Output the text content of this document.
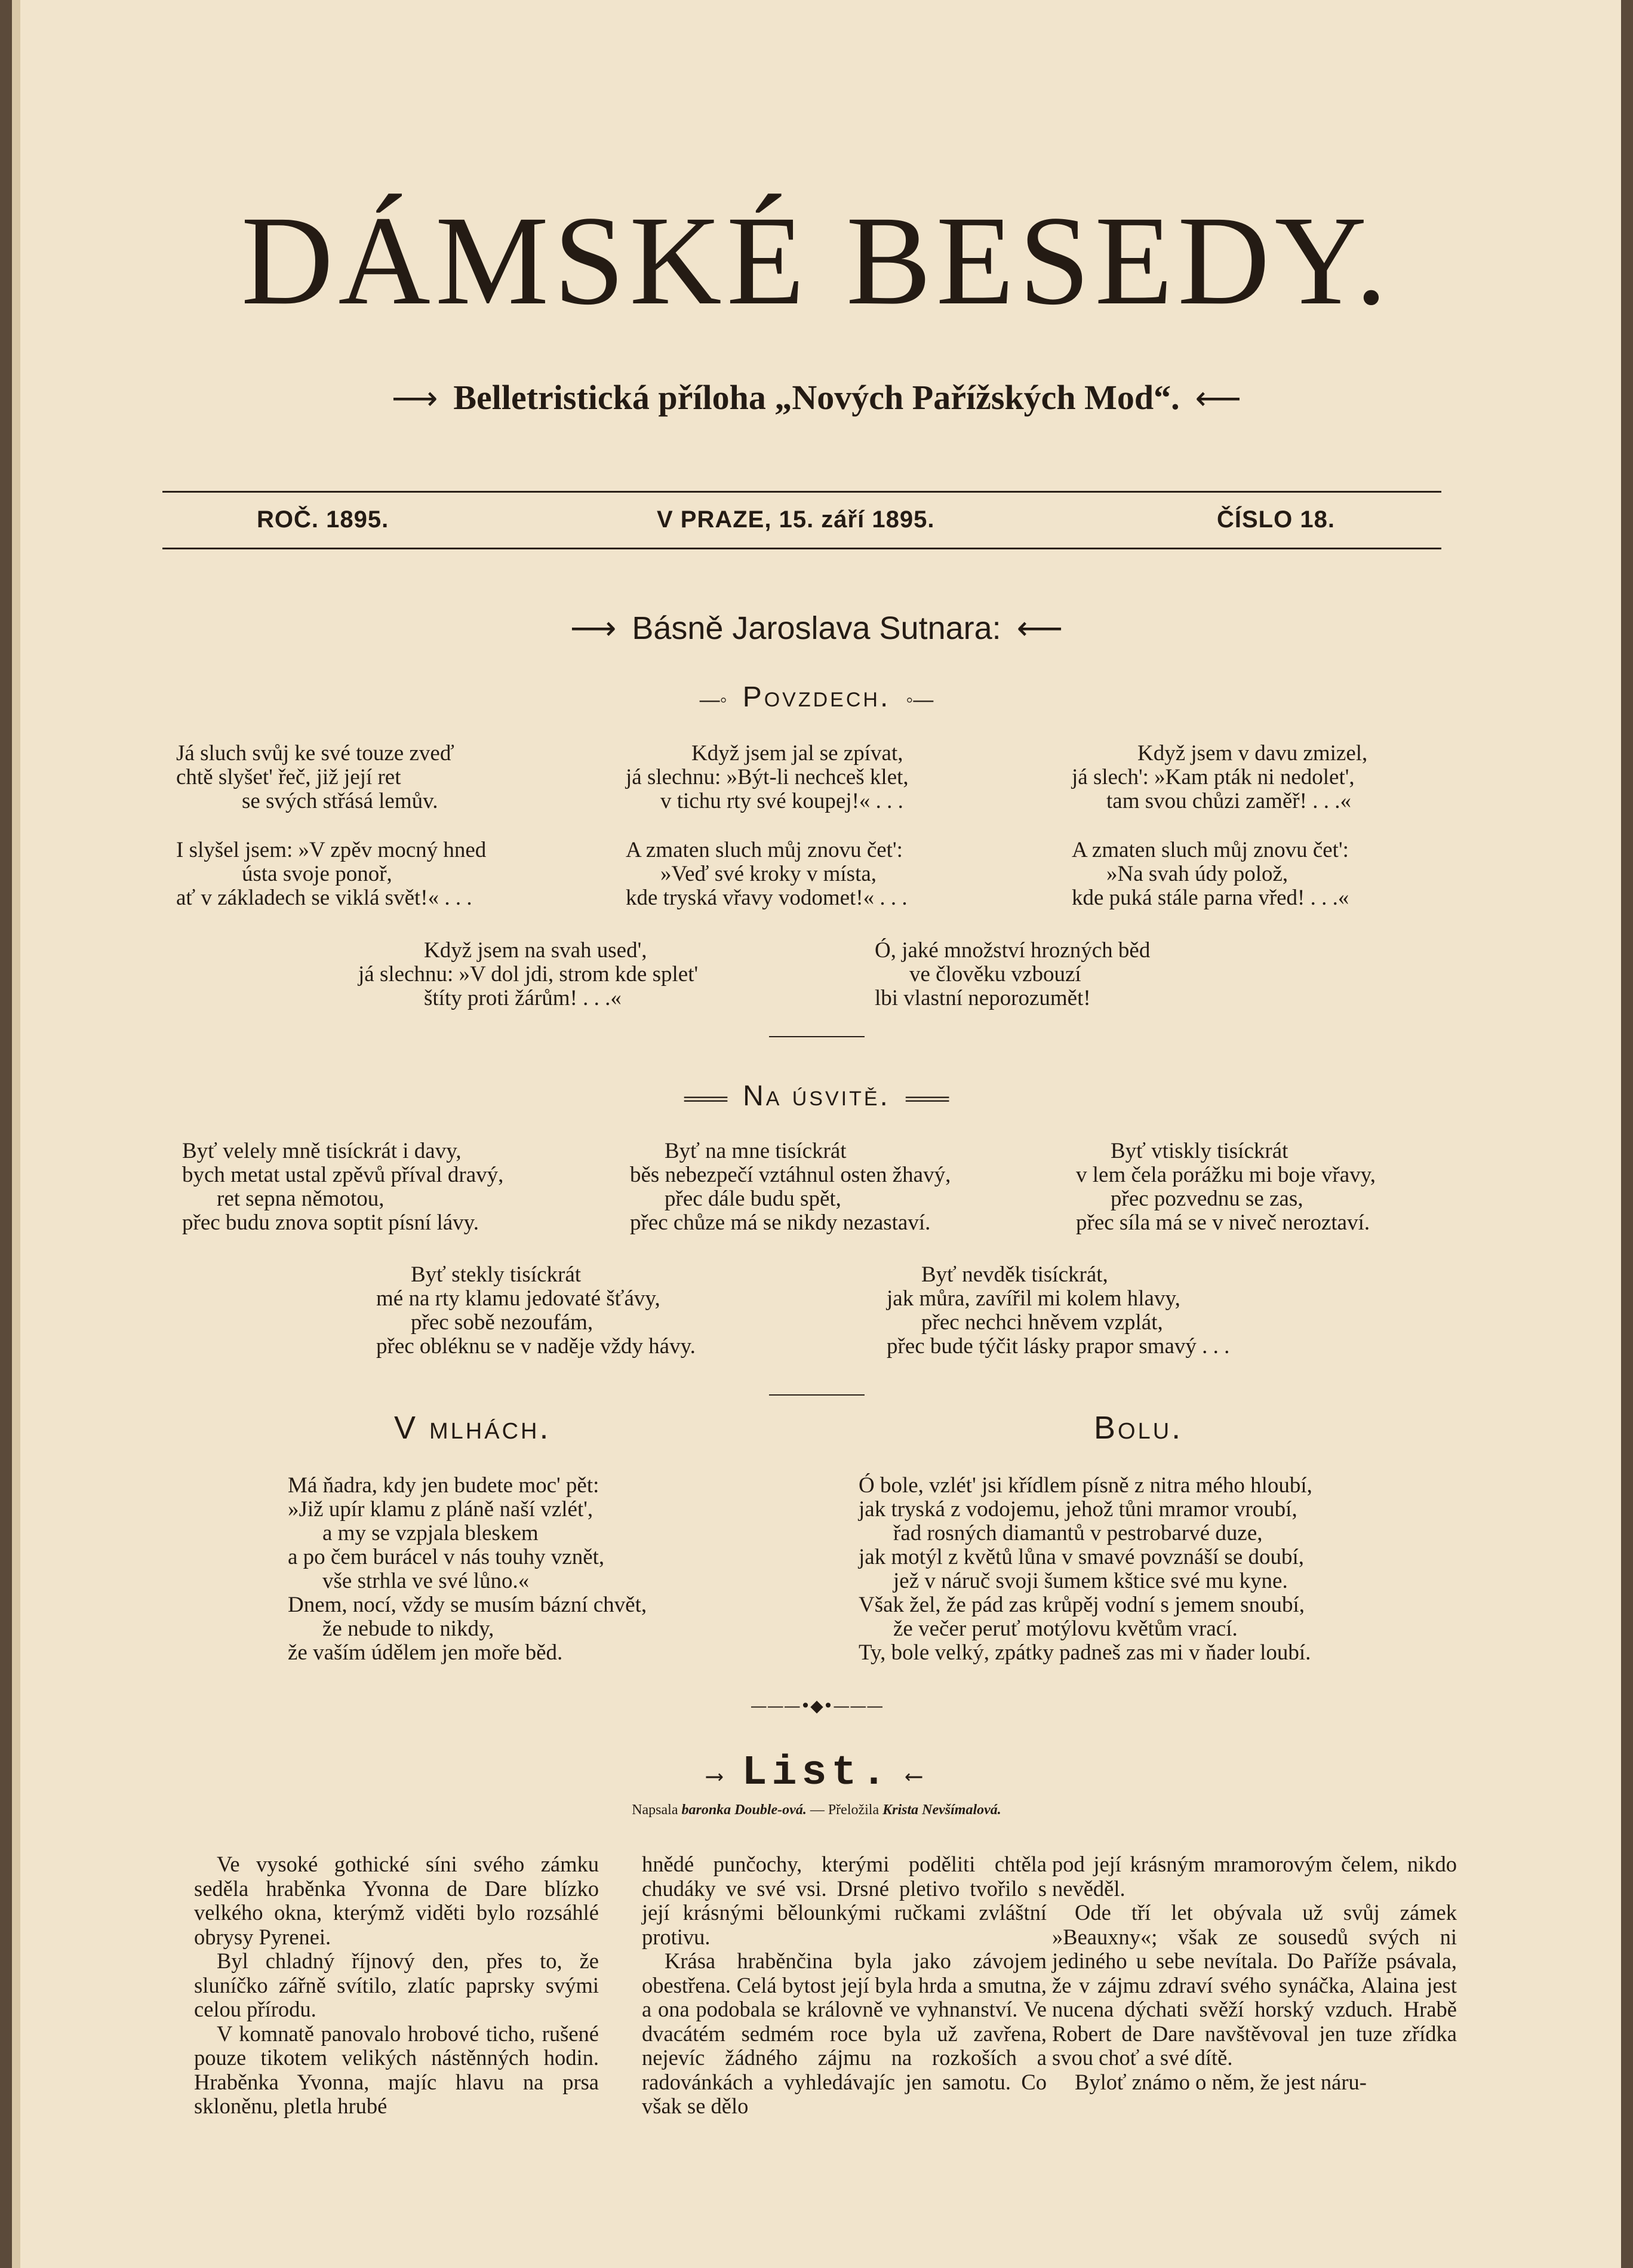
DÁMSKÉ BESEDY.
⟶ Belletristická příloha „Nových Pařížských Mod“. ⟵
ROČ. 1895.	V PRAZE, 15. září 1895.	ČÍSLO 18.
⟶ Básně Jaroslava Sutnara: ⟵
—◦ Povzdech. ◦—
Já sluch svůj ke své touze zveď
chtě slyšet' řeč, již její ret
se svých střásá lemův.
Když jsem jal se zpívat,
já slechnu: »Být-li nechceš klet,
v tichu rty své koupej!« . . .
Když jsem v davu zmizel,
já slech': »Kam pták ni nedolet',
tam svou chůzi zaměř! . . .«
I slyšel jsem: »V zpěv mocný hned
ústa svoje ponoř,
ať v základech se viklá svět!« . . .
A zmaten sluch můj znovu čet':
»Veď své kroky v místa,
kde tryská vřavy vodomet!« . . .
A zmaten sluch můj znovu čet':
»Na svah údy polož,
kde puká stále parna vřed! . . .«
Když jsem na svah used',
já slechnu: »V dol jdi, strom kde splet'
štíty proti žárům! . . .«
Ó, jaké množství hrozných běd
ve člověku vzbouzí
lbi vlastní neporozumět!
═══ Na úsvitě. ═══
Byť velely mně tisíckrát i davy,
bych metat ustal zpěvů příval dravý,
ret sepna němotou,
přec budu znova soptit písní lávy.
Byť na mne tisíckrát
běs nebezpečí vztáhnul osten žhavý,
přec dále budu spět,
přec chůze má se nikdy nezastaví.
Byť vtiskly tisíckrát
v lem čela porážku mi boje vřavy,
přec pozvednu se zas,
přec síla má se v niveč neroztaví.
Byť stekly tisíckrát
mé na rty klamu jedovaté šťávy,
přec sobě nezoufám,
přec obléknu se v naděje vždy hávy.
Byť nevděk tisíckrát,
jak můra, zavířil mi kolem hlavy,
přec nechci hněvem vzplát,
přec bude týčit lásky prapor smavý . . .
V mlhách.	Bolu.
Má ňadra, kdy jen budete moc' pět:
»Již upír klamu z pláně naší vzlét',
a my se vzpjala bleskem
a po čem burácel v nás touhy vznět,
vše strhla ve své lůno.«
Dnem, nocí, vždy se musím bázní chvět,
že nebude to nikdy,
že vaším údělem jen moře běd.
Ó bole, vzlét' jsi křídlem písně z nitra mého hloubí,
jak tryská z vodojemu, jehož tůni mramor vroubí,
řad rosných diamantů v pestrobarvé duze,
jak motýl z květů lůna v smavé povznáší se doubí,
jež v náruč svoji šumem kštice své mu kyne.
Však žel, že pád zas krůpěj vodní s jemem snoubí,
že večer peruť motýlovu květům vrací.
Ty, bole velký, zpátky padneš zas mi v ňader loubí.
———•◆•———
⟶ List. ⟵
Napsala baronka Double-ová. — Přeložila Krista Nevšímalová.

Ve vysoké gothické síni svého zámku seděla hraběnka Yvonna de Dare blízko velkého okna, kterýmž viděti bylo rozsáhlé obrysy Pyrenei.

Byl chladný říjnový den, přes to, že sluníčko zářně svítilo, zlatíc paprsky svými celou přírodu.

V komnatě panovalo hrobové ticho, rušené pouze tikotem velikých nástěnných hodin. Hraběnka Yvonna, majíc hlavu na prsa skloněnu, pletla hrubé

hnědé punčochy, kterými poděliti chtěla chudáky ve své vsi. Drsné pletivo tvořilo s její krásnými bělounkými ručkami zvláštní protivu.

Krása hraběnčina byla jako závojem obestřena. Celá bytost její byla hrda a smutna, a ona podobala se královně ve vyhnanství. Ve dvacátém sedmém roce byla už zavřena, nejevíc žádného zájmu na rozkoších a radovánkách a vyhledávajíc jen samotu. Co však se dělo

pod její krásným mramorovým čelem, nikdo nevěděl.

Ode tří let obývala už svůj zámek »Beauxny«; však ze sousedů svých ni jediného u sebe nevítala. Do Paříže psávala, že v zájmu zdraví svého synáčka, Alaina jest nucena dýchati svěží horský vzduch. Hrabě Robert de Dare navštěvoval jen tuze zřídka svou choť a své dítě.

Byloť známo o něm, že jest náru-
